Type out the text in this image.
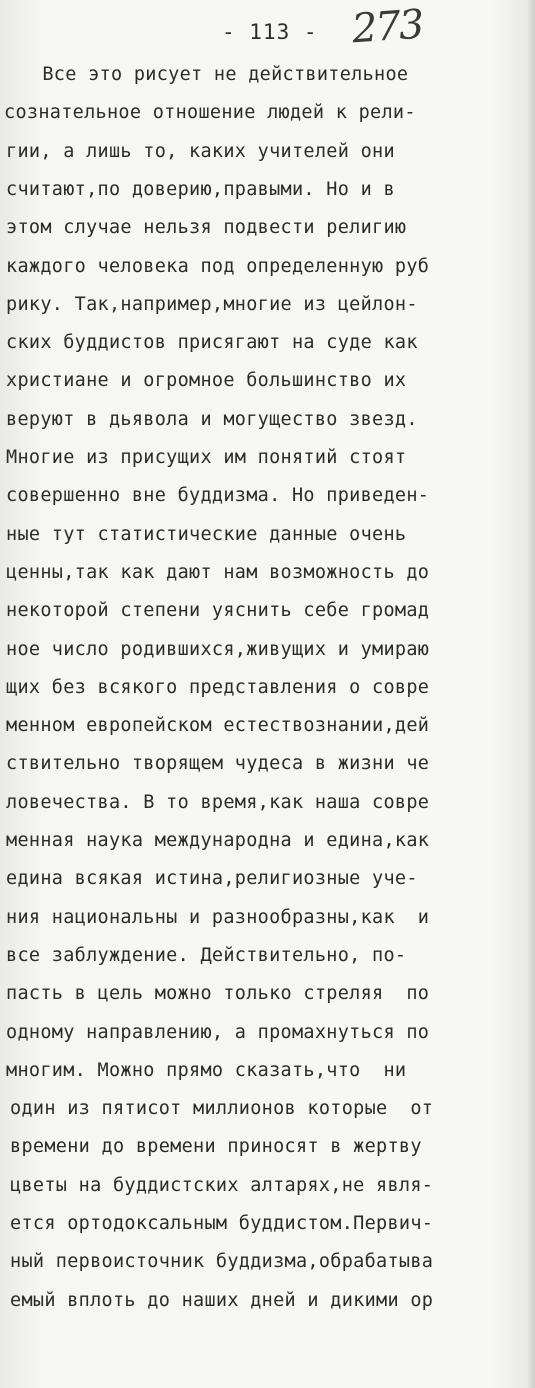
- 113 - 273
Все это рисует не действительное
сознательное отношение людей к рели-
гии, а лишь то, каких учителей они
считают,по доверию,правыми. Но и в
этом случае нельзя подвести религию
каждого человека под определенную руб
рику. Так,например,многие из цейлон-
ских буддистов присягают на суде как
христиане и огромное большинство их
веруют в дьявола и могущество звезд.
Многие из присущих им понятий стоят
совершенно вне буддизма. Но приведен-
ные тут статистические данные очень
ценны,так как дают нам возможность до
некоторой степени уяснить себе громад
ное число родившихся,живущих и умираю
щих без всякого представления о совре
менном европейском естествознании,дей
ствительно творящем чудеса в жизни че
ловечества. В то время,как наша совре
менная наука международна и едина,как
едина всякая истина,религиозные уче-
ния национальны и разнообразны,как  и
все заблуждение. Действительно, по-
пасть в цель можно только стреляя  по
одному направлению, а промахнуться по
многим. Можно прямо сказать,что  ни
один из пятисот миллионов которые  от
времени до времени приносят в жертву
цветы на буддистских алтарях,не явля-
ется ортодоксальным буддистом.Первич-
ный первоисточник буддизма,обрабатыва
емый вплоть до наших дней и дикими ор
